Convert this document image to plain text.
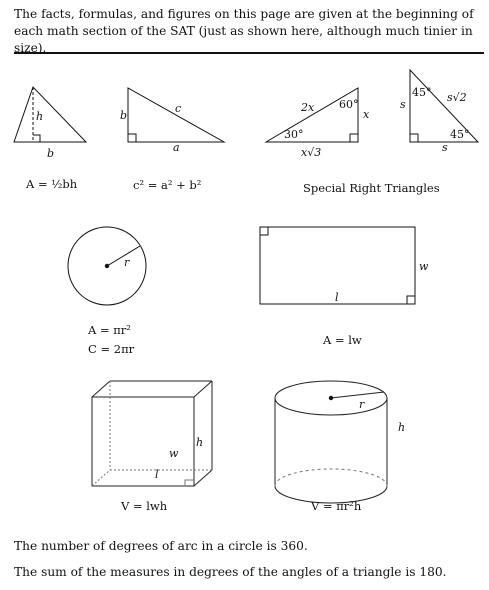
The facts, formulas, and figures on this page are given at the beginning of each math section of the SAT (just as shown here, although much tinier in size).
h
b
b
c
a
2x 60°
30°
x
x√3
45° s√2
s
45°
s
r	w
l
h
w
l
r
h
A = ½bh	c² = a² + b²	Special Right Triangles
A = πr²
C = 2πr
A = lw
V = lwh	V = πr²h
The number of degrees of arc in a circle is 360.
The sum of the measures in degrees of the angles of a triangle is 180.
